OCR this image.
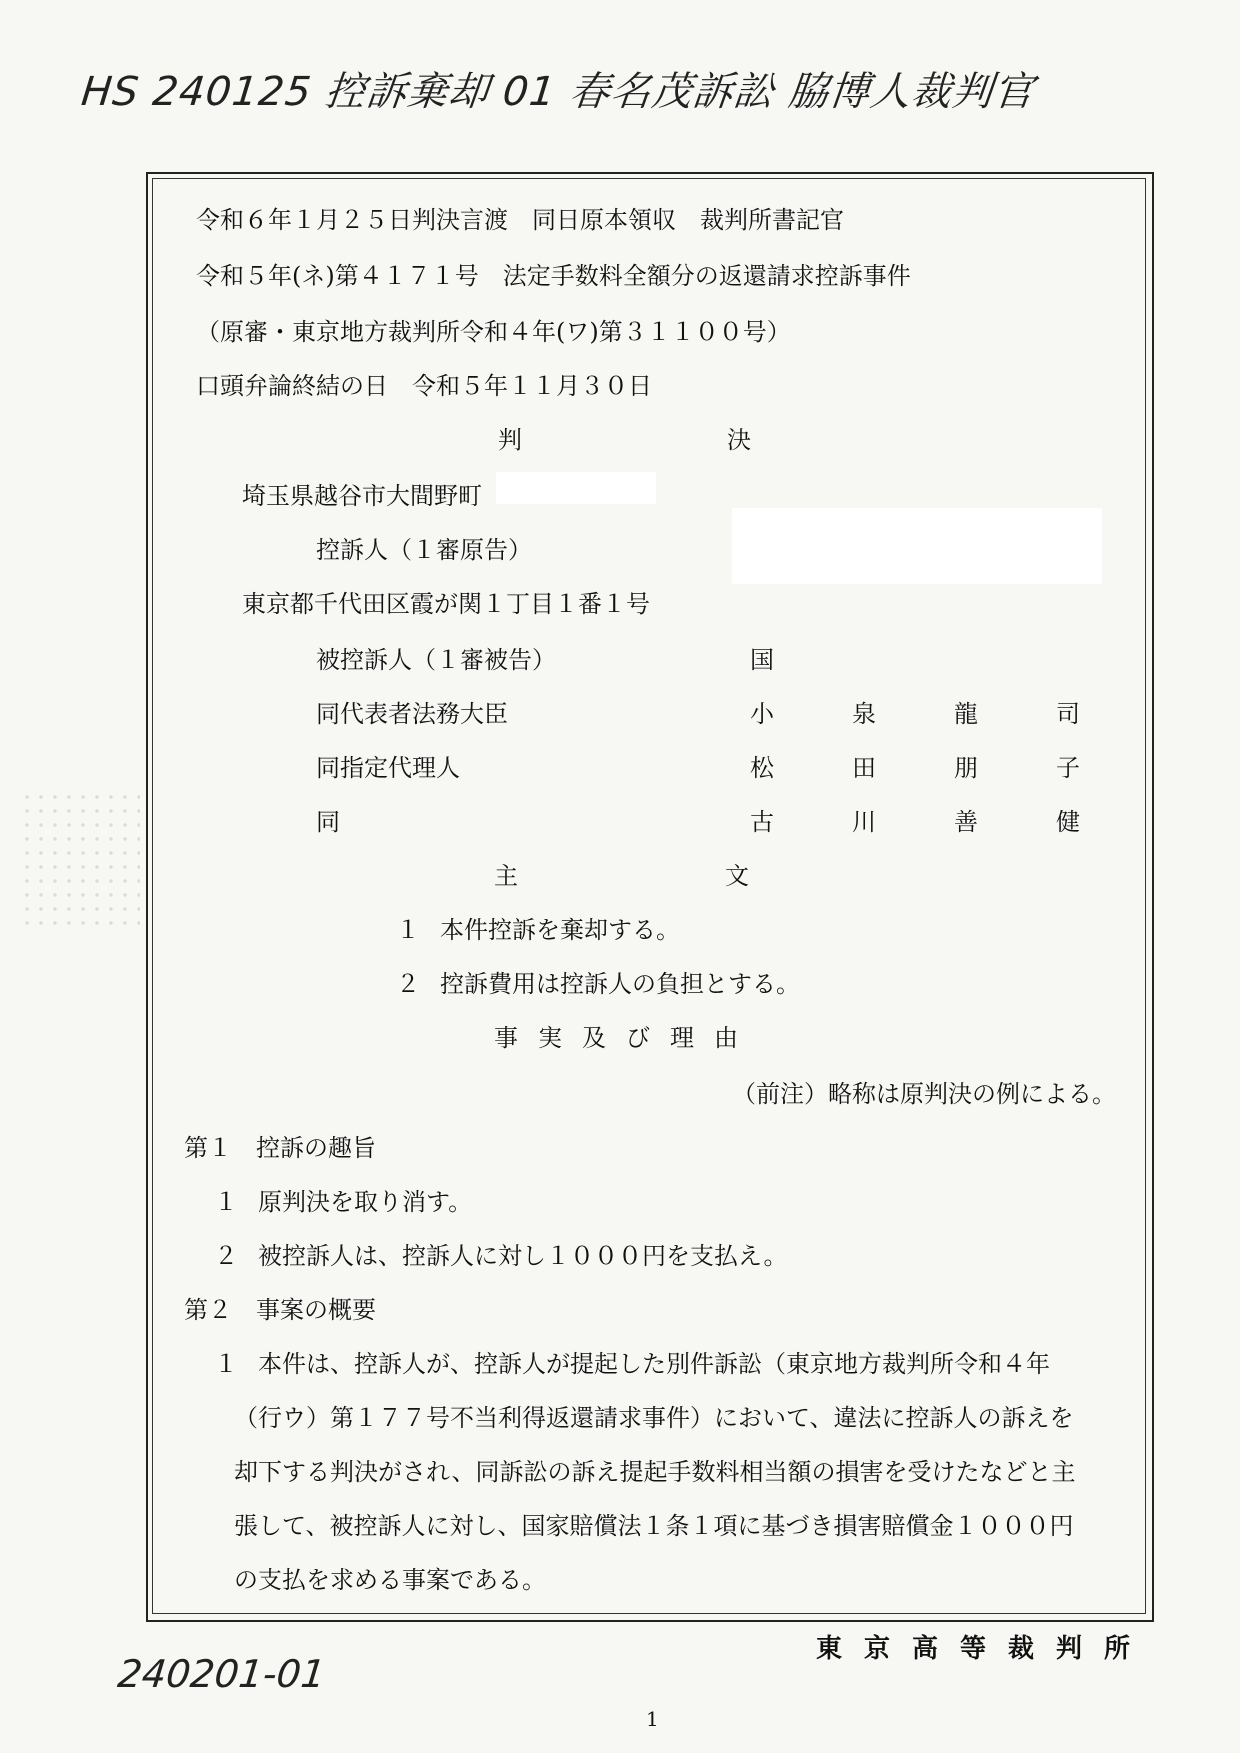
HS 240125 控訴棄却 01 春名茂訴訟 脇博人裁判官
240201-01
令和６年１月２５日判決言渡　同日原本領収　裁判所書記官
令和５年(ネ)第４１７１号　法定手数料全額分の返還請求控訴事件
（原審・東京地方裁判所令和４年(ワ)第３１１００号）
口頭弁論終結の日　令和５年１１月３０日
判	決
埼玉県越谷市大間野町
控訴人（１審原告）
東京都千代田区霞が関１丁目１番１号
被控訴人（１審被告）	国
同代表者法務大臣	小	泉	龍	司
同指定代理人	松	田	朋	子
同	古	川	善	健
主	文
１ 本件控訴を棄却する。
２ 控訴費用は控訴人の負担とする。
事実及び理由
（前注）略称は原判決の例による。
第１　控訴の趣旨
１ 原判決を取り消す。
２ 被控訴人は、控訴人に対し１０００円を支払え。
第２　事案の概要
１ 本件は、控訴人が、控訴人が提起した別件訴訟（東京地方裁判所令和４年
（行ウ）第１７７号不当利得返還請求事件）において、違法に控訴人の訴えを
却下する判決がされ、同訴訟の訴え提起手数料相当額の損害を受けたなどと主
張して、被控訴人に対し、国家賠償法１条１項に基づき損害賠償金１０００円
の支払を求める事案である。
東京高等裁判所
1
